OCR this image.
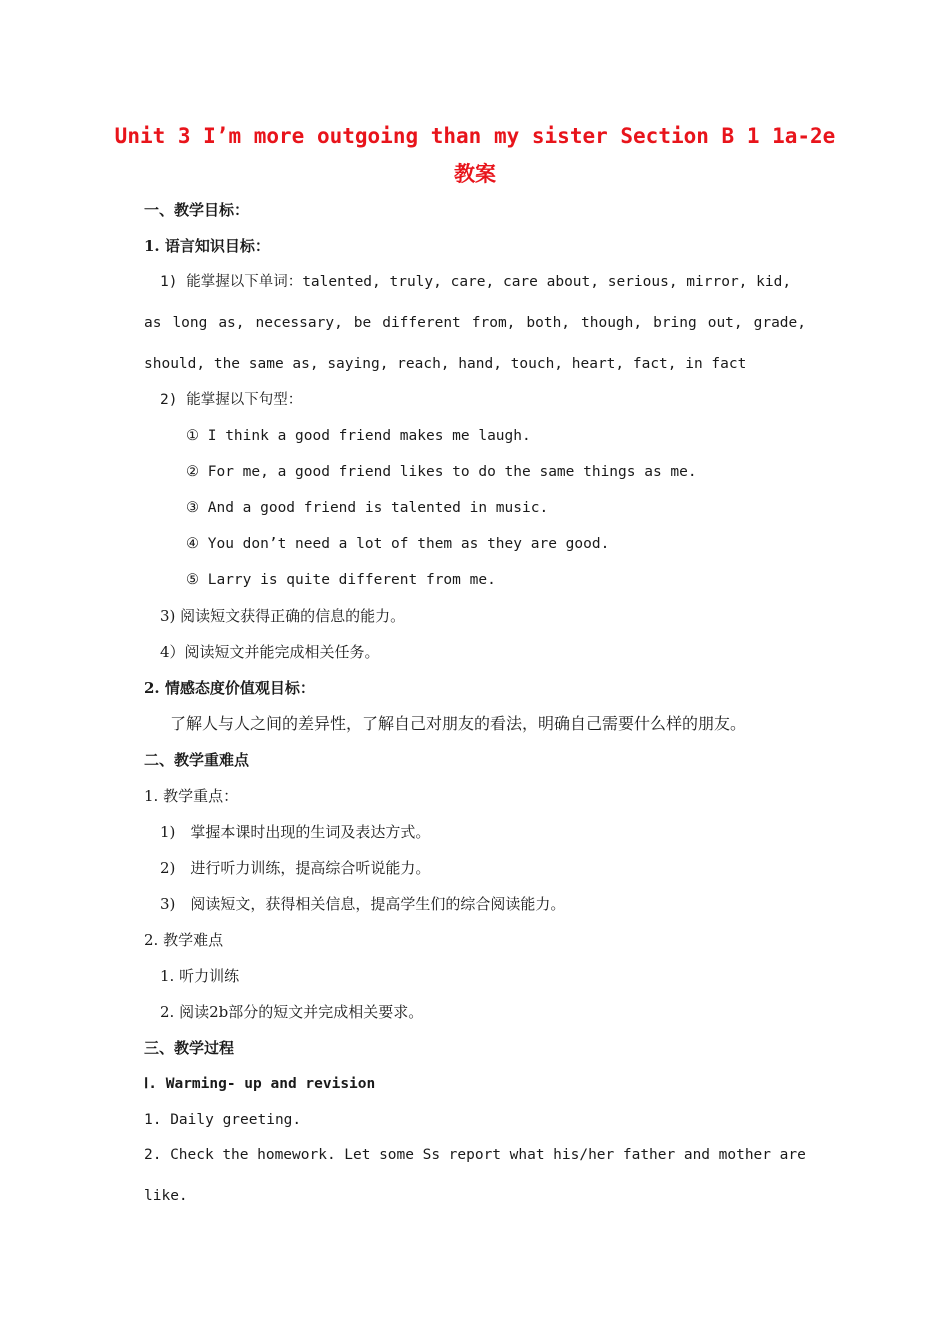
Unit 3 I’m more outgoing than my sister Section B 1 1a-2e
教案
一、教学目标：
1. 语言知识目标：
1) 能掌握以下单词：talented, truly, care, care about, serious, mirror, kid,
as long as, necessary, be different from, both, though, bring out, grade,
should, the same as, saying, reach, hand, touch, heart, fact, in fact
2) 能掌握以下句型：
① I think a good friend makes me laugh.
② For me, a good friend likes to do the same things as me.
③ And a good friend is talented in music.
④ You don’t need a lot of them as they are good.
⑤ Larry is quite different from me.
3) 阅读短文获得正确的信息的能力。
4）阅读短文并能完成相关任务。
2. 情感态度价值观目标：
了解人与人之间的差异性，了解自己对朋友的看法，明确自己需要什么样的朋友。
二、教学重难点
1. 教学重点：
1)　掌握本课时出现的生词及表达方式。
2)　进行听力训练，提高综合听说能力。
3)　阅读短文，获得相关信息，提高学生们的综合阅读能力。
2. 教学难点
1. 听力训练
2. 阅读2b部分的短文并完成相关要求。
三、教学过程
Ⅰ. Warming- up and revision
1. Daily greeting.
2. Check the homework. Let some Ss report what his/her father and mother are
like.
